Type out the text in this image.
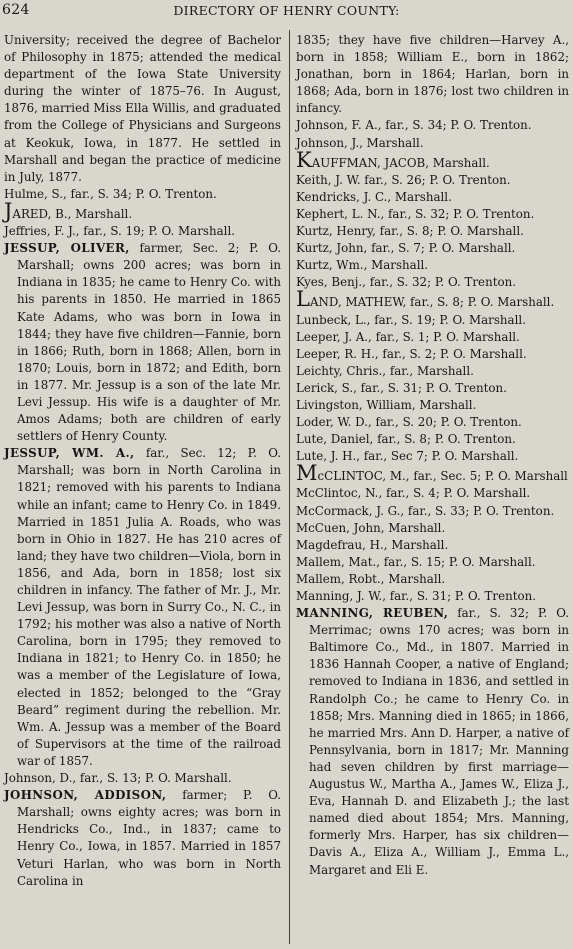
624	DIRECTORY OF HENRY COUNTY:

University; received the degree of Bachelor of Philosophy in 1875; attended the medical department of the Iowa State University during the winter of 1875–76. In August, 1876, married Miss Ella Willis, and graduated from the College of Physicians and Surgeons at Keokuk, Iowa, in 1877. He settled in Marshall and began the practice of medicine in July, 1877.

Hulme, S., far., S. 34; P. O. Trenton.

JARED, B., Marshall.

Jeffries, F. J., far., S. 19; P. O. Marshall.

JESSUP, OLIVER, farmer, Sec. 2; P. O. Marshall; owns 200 acres; was born in Indiana in 1835; he came to Henry Co. with his parents in 1850. He married in 1865 Kate Adams, who was born in Iowa in 1844; they have five children—Fannie, born in 1866; Ruth, born in 1868; Allen, born in 1870; Louis, born in 1872; and Edith, born in 1877. Mr. Jessup is a son of the late Mr. Levi Jessup. His wife is a daughter of Mr. Amos Adams; both are children of early settlers of Henry County.

JESSUP, WM. A., far., Sec. 12; P. O. Marshall; was born in North Carolina in 1821; removed with his parents to Indiana while an infant; came to Henry Co. in 1849. Married in 1851 Julia A. Roads, who was born in Ohio in 1827. He has 210 acres of land; they have two children—Viola, born in 1856, and Ada, born in 1858; lost six children in infancy. The father of Mr. J., Mr. Levi Jessup, was born in Surry Co., N. C., in 1792; his mother was also a native of North Carolina, born in 1795; they removed to Indiana in 1821; to Henry Co. in 1850; he was a member of the Legislature of Iowa, elected in 1852; belonged to the “Gray Beard” regiment during the rebellion. Mr. Wm. A. Jessup was a member of the Board of Supervisors at the time of the railroad war of 1857.

Johnson, D., far., S. 13; P. O. Marshall.

JOHNSON, ADDISON, farmer; P. O. Marshall; owns eighty acres; was born in Hendricks Co., Ind., in 1837; came to Henry Co., Iowa, in 1857. Married in 1857 Veturi Harlan, who was born in North Carolina in

1835; they have five children—Harvey A., born in 1858; William E., born in 1862; Jonathan, born in 1864; Harlan, born in 1868; Ada, born in 1876; lost two children in infancy.

Johnson, F. A., far., S. 34; P. O. Trenton.

Johnson, J., Marshall.

KAUFFMAN, JACOB, Marshall.

Keith, J. W. far., S. 26; P. O. Trenton.

Kendricks, J. C., Marshall.

Kephert, L. N., far., S. 32; P. O. Trenton.

Kurtz, Henry, far., S. 8; P. O. Marshall.

Kurtz, John, far., S. 7; P. O. Marshall.

Kurtz, Wm., Marshall.

Kyes, Benj., far., S. 32; P. O. Trenton.

LAND, MATHEW, far., S. 8; P. O. Marshall.

Lunbeck, L., far., S. 19; P. O. Marshall.

Leeper, J. A., far., S. 1; P. O. Marshall.

Leeper, R. H., far., S. 2; P. O. Marshall.

Leichty, Chris., far., Marshall.

Lerick, S., far., S. 31; P. O. Trenton.

Livingston, William, Marshall.

Loder, W. D., far., S. 20; P. O. Trenton.

Lute, Daniel, far., S. 8; P. O. Trenton.

Lute, J. H., far., Sec 7; P. O. Marshall.

McCLINTOC, M., far., Sec. 5; P. O. Marshall

McClintoc, N., far., S. 4; P. O. Marshall.

McCormack, J. G., far., S. 33; P. O. Trenton.

McCuen, John, Marshall.

Magdefrau, H., Marshall.

Mallem, Mat., far., S. 15; P. O. Marshall.

Mallem, Robt., Marshall.

Manning, J. W., far., S. 31; P. O. Trenton.

MANNING, REUBEN, far., S. 32; P. O. Merrimac; owns 170 acres; was born in Baltimore Co., Md., in 1807. Married in 1836 Hannah Cooper, a native of England; removed to Indiana in 1836, and settled in Randolph Co.; he came to Henry Co. in 1858; Mrs. Manning died in 1865; in 1866, he married Mrs. Ann D. Harper, a native of Pennsylvania, born in 1817; Mr. Manning had seven children by first marriage—Augustus W., Martha A., James W., Eliza J., Eva, Hannah D. and Elizabeth J.; the last named died about 1854; Mrs. Manning, formerly Mrs. Harper, has six children—Davis A., Eliza A., William J., Emma L., Margaret and Eli E.
